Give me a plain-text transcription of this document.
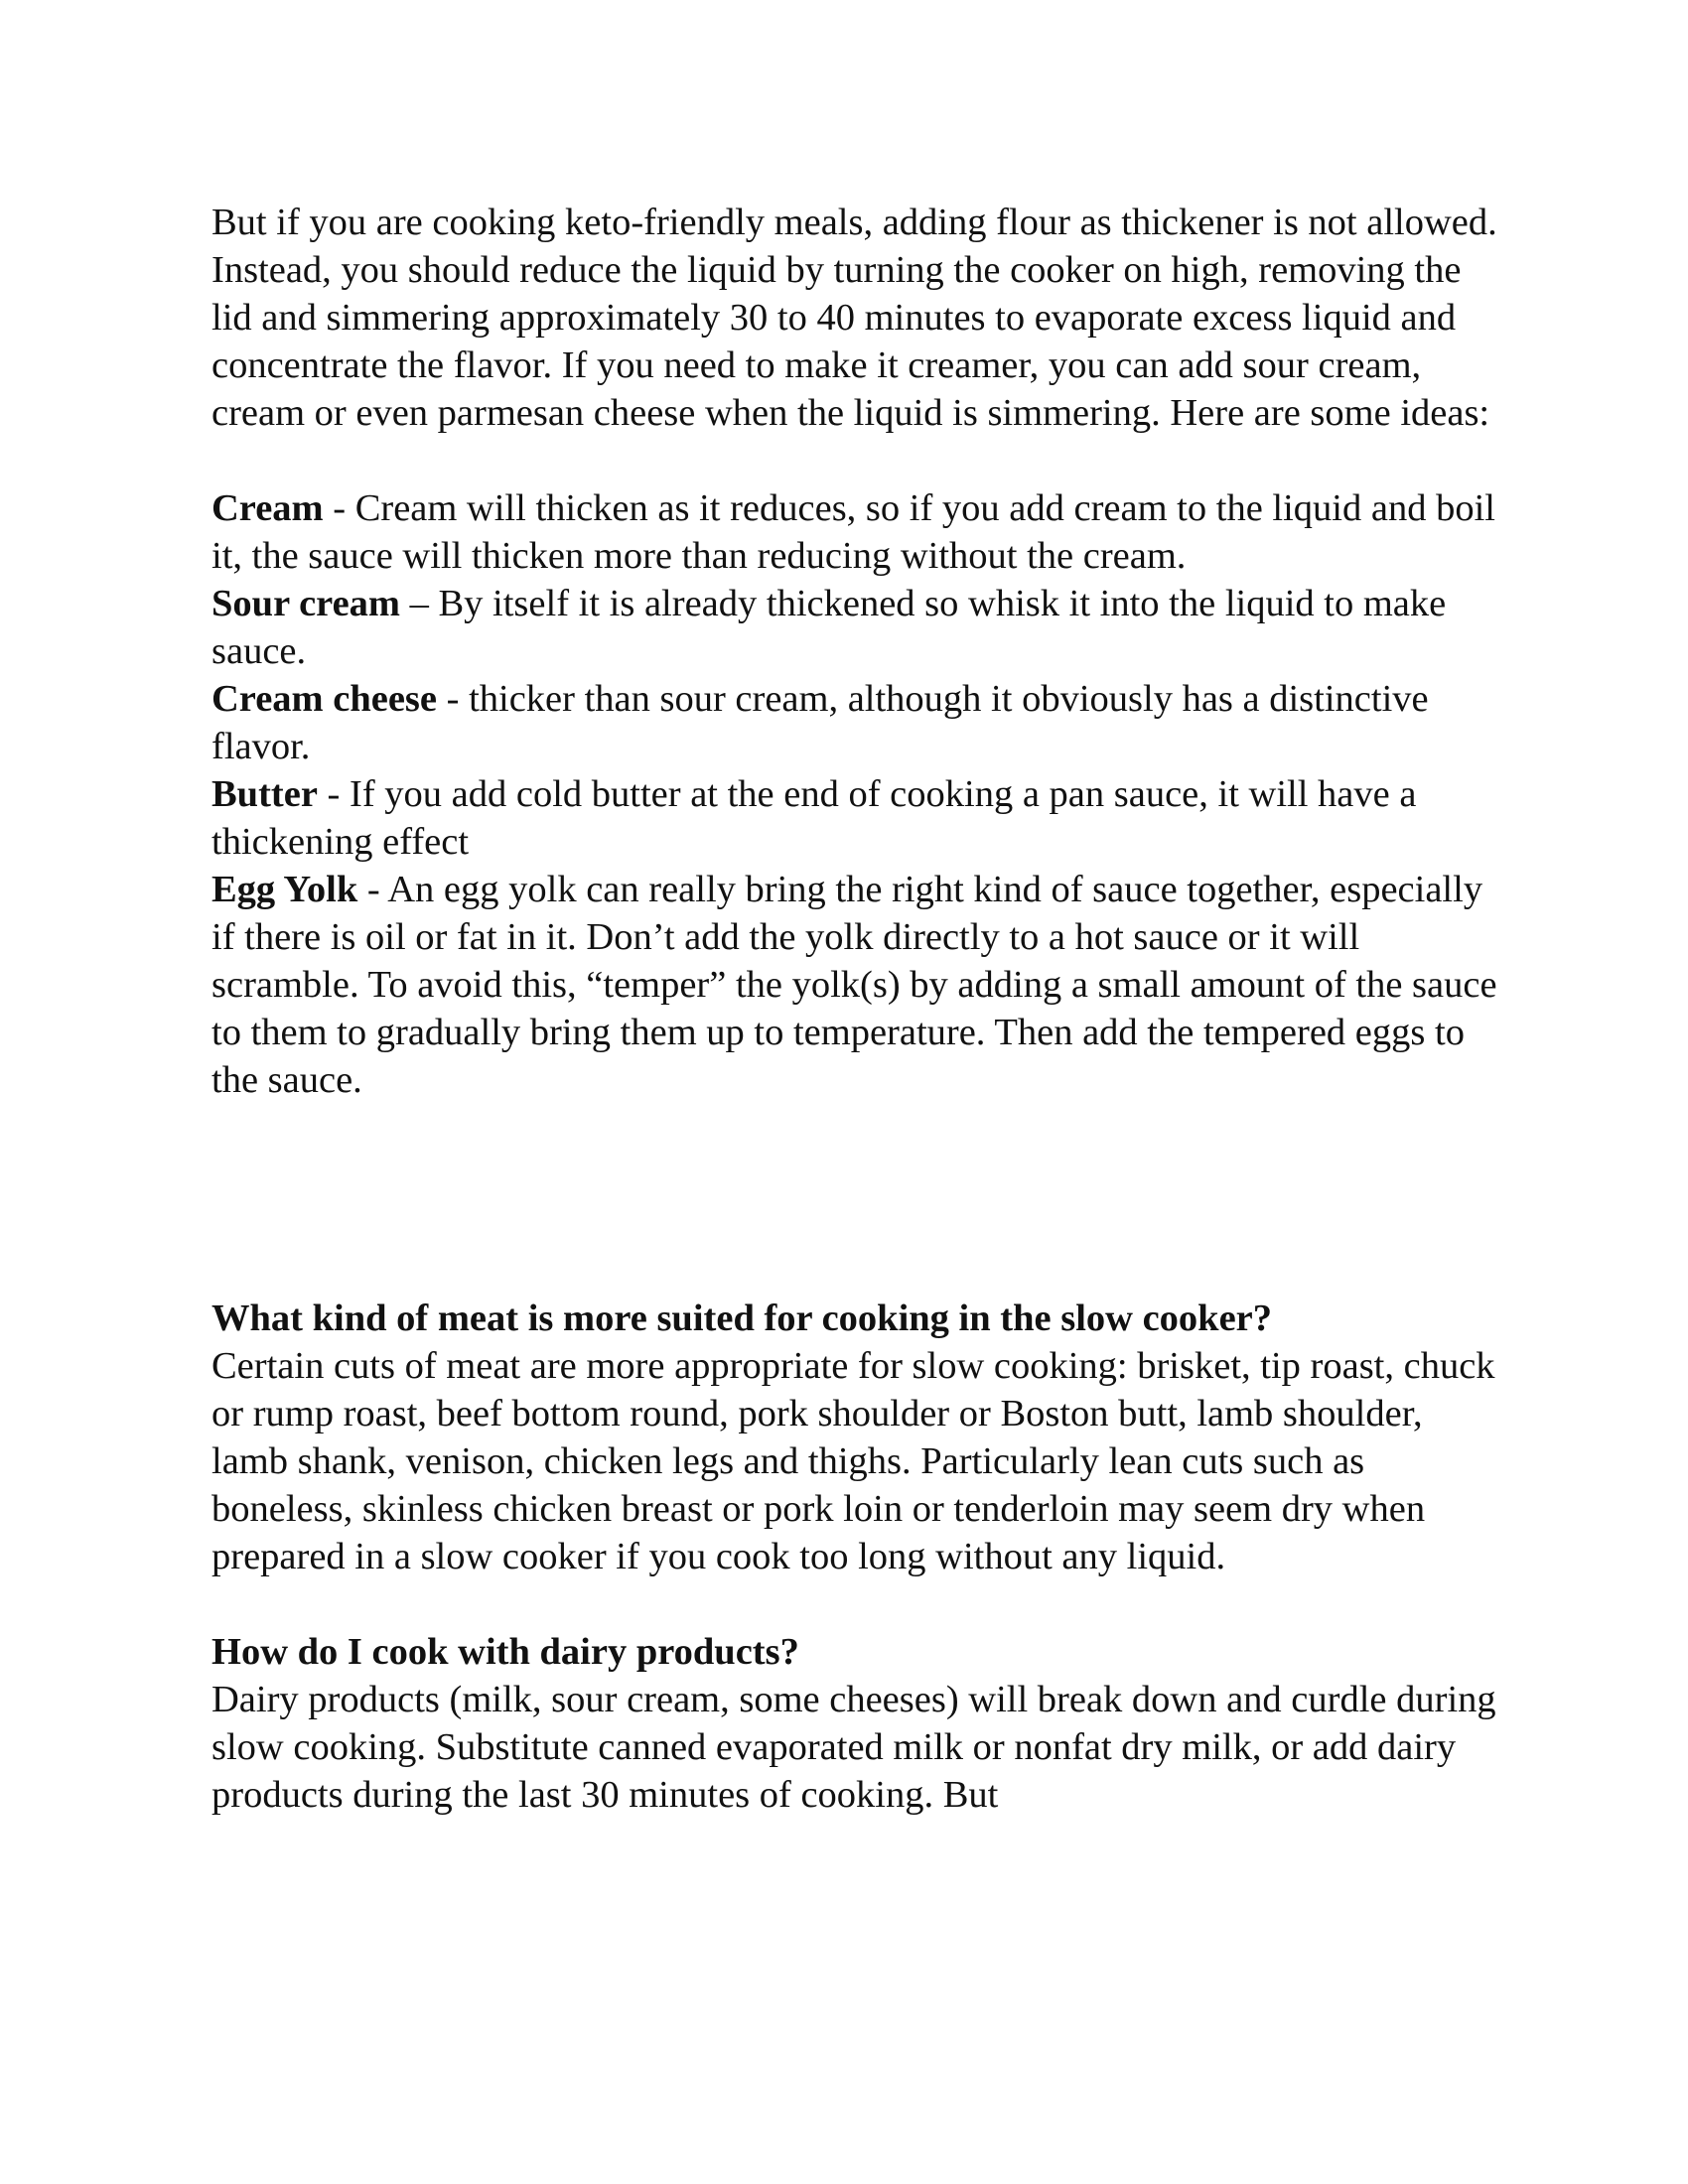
But if you are cooking keto-friendly meals, adding flour as thickener is not allowed. Instead, you should reduce the liquid by turning the cooker on high, removing the lid and simmering approximately 30 to 40 minutes to evaporate excess liquid and concentrate the flavor. If you need to make it creamer, you can add sour cream, cream or even parmesan cheese when the liquid is simmering. Here are some ideas:

Cream - Cream will thicken as it reduces, so if you add cream to the liquid and boil it, the sauce will thicken more than reducing without the cream.

Sour cream – By itself it is already thickened so whisk it into the liquid to make sauce.

Cream cheese - thicker than sour cream, although it obviously has a distinctive flavor.

Butter - If you add cold butter at the end of cooking a pan sauce, it will have a thickening effect

Egg Yolk - An egg yolk can really bring the right kind of sauce together, especially if there is oil or fat in it. Don’t add the yolk directly to a hot sauce or it will scramble. To avoid this, “temper” the yolk(s) by adding a small amount of the sauce to them to gradually bring them up to temperature. Then add the tempered eggs to the sauce.

What kind of meat is more suited for cooking in the slow cooker?

Certain cuts of meat are more appropriate for slow cooking: brisket, tip roast, chuck or rump roast, beef bottom round, pork shoulder or Boston butt, lamb shoulder, lamb shank, venison, chicken legs and thighs. Particularly lean cuts such as boneless, skinless chicken breast or pork loin or tenderloin may seem dry when prepared in a slow cooker if you cook too long without any liquid.

How do I cook with dairy products?

Dairy products (milk, sour cream, some cheeses) will break down and curdle during slow cooking. Substitute canned evaporated milk or nonfat dry milk, or add dairy products during the last 30 minutes of cooking. But
